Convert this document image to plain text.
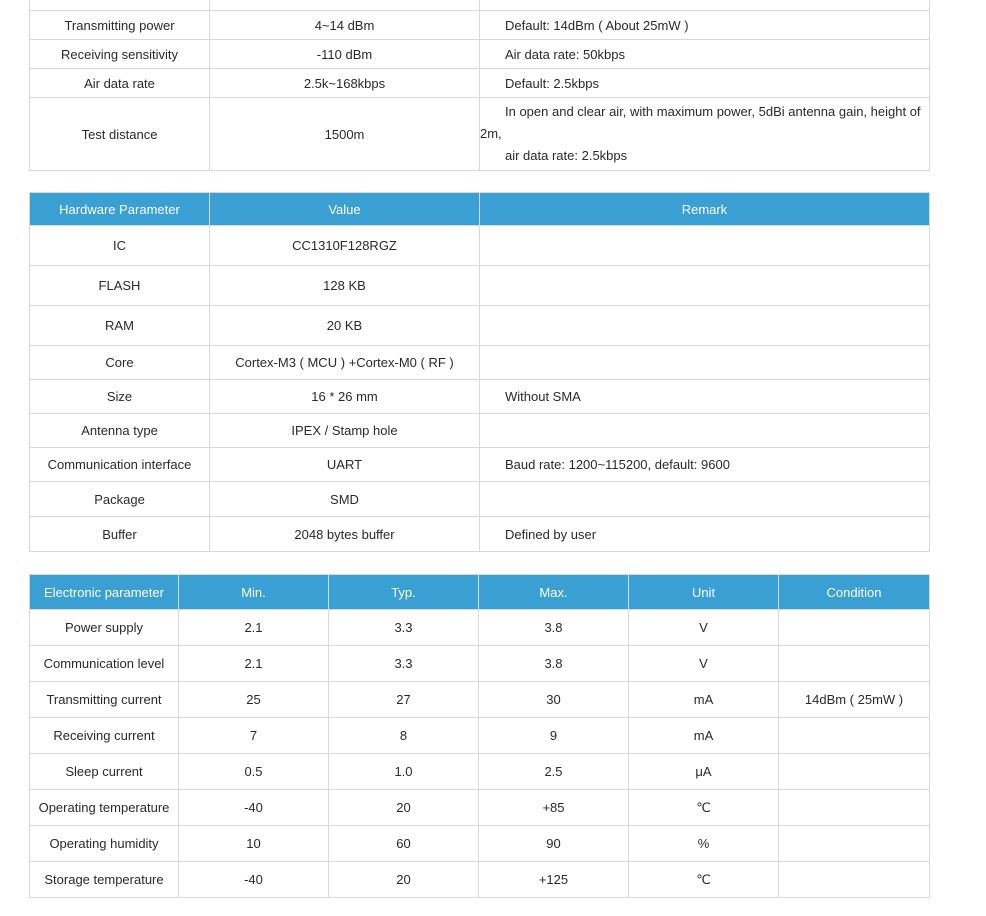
Transmitting power	4~14 dBm	Default: 14dBm ( About 25mW )
Receiving sensitivity	-110 dBm	Air data rate: 50kbps
Air data rate	2.5k~168kbps	Default: 2.5kbps
Test distance	1500m	In open and clear air, with maximum power, 5dBi antenna gain, height of
2m,
air data rate: 2.5kbps
Hardware Parameter	Value	Remark
IC	CC1310F128RGZ	
FLASH	128 KB	
RAM	20 KB	
Core	Cortex-M3 ( MCU ) +Cortex-M0 ( RF )	
Size	16 * 26 mm	Without SMA
Antenna type	IPEX / Stamp hole	
Communication interface	UART	Baud rate: 1200~115200, default: 9600
Package	SMD	
Buffer	2048 bytes buffer	Defined by user
Electronic parameter	Min.	Typ.	Max.	Unit	Condition
Power supply	2.1	3.3	3.8	V	
Communication level	2.1	3.3	3.8	V	
Transmitting current	25	27	30	mA	14dBm ( 25mW )
Receiving current	7	8	9	mA	
Sleep current	0.5	1.0	2.5	μA	
Operating temperature	-40	20	+85	℃	
Operating humidity	10	60	90	%	
Storage temperature	-40	20	+125	℃	
